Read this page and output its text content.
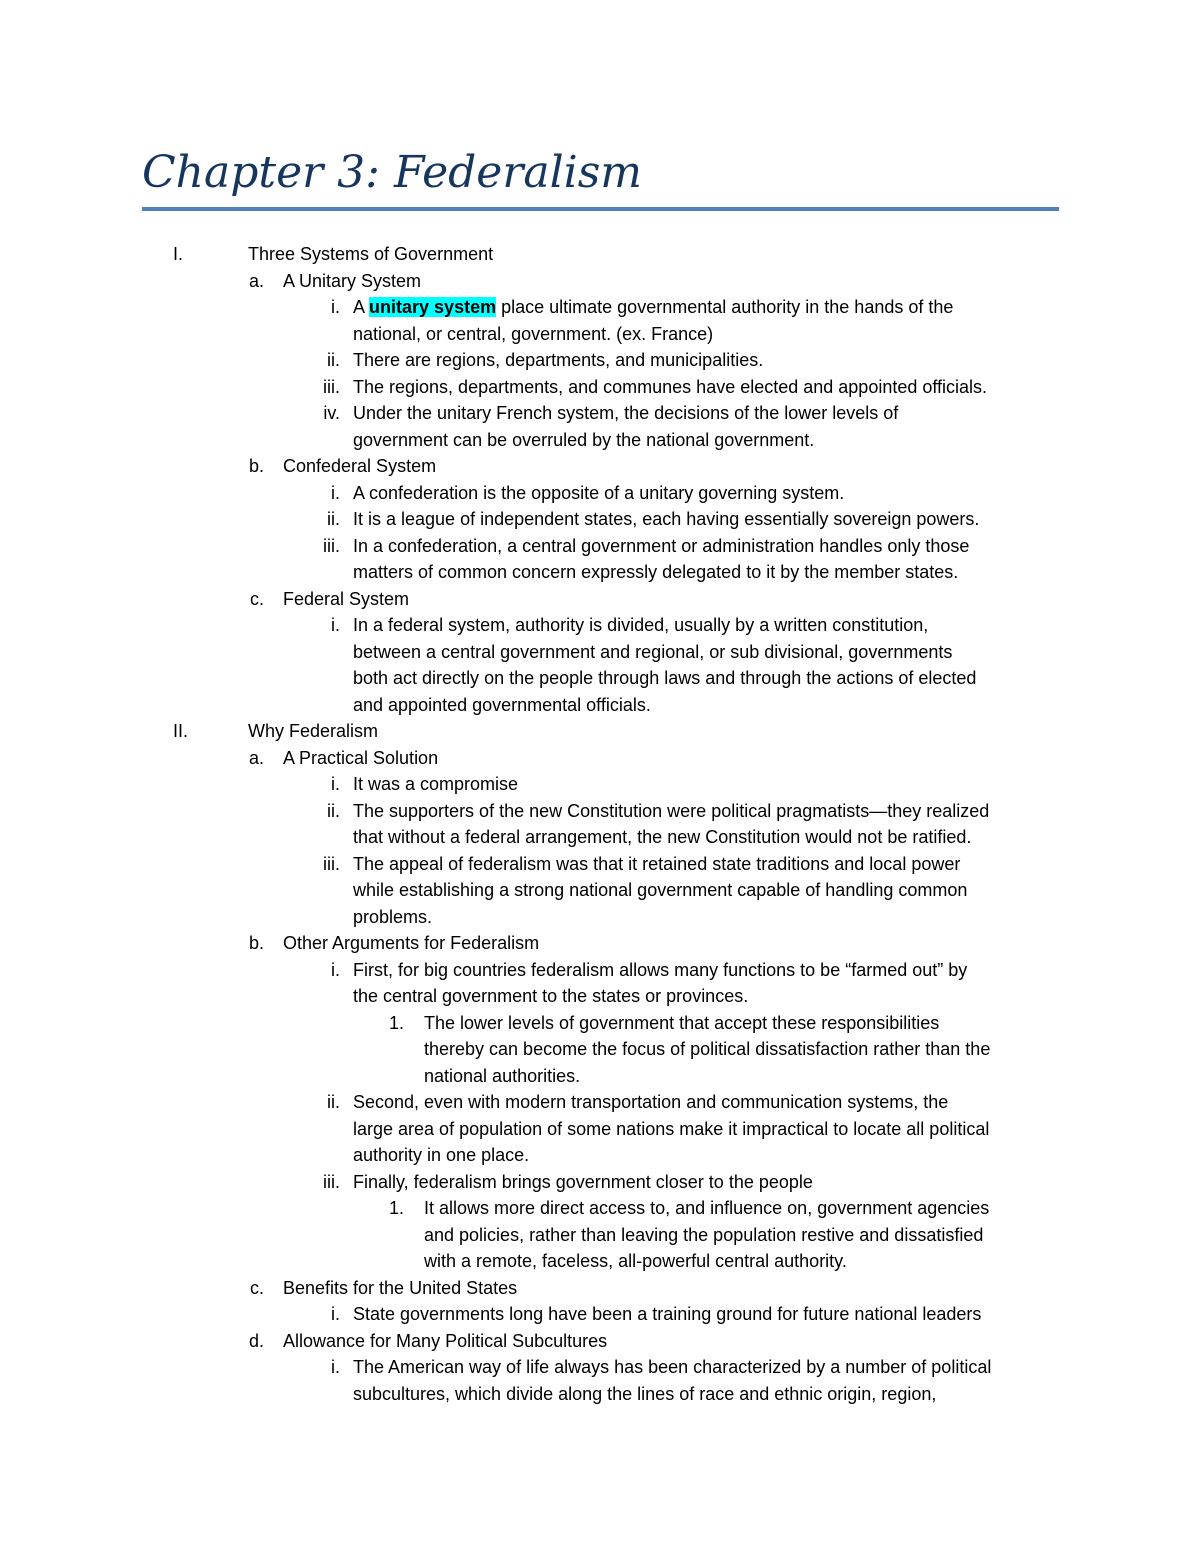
Chapter 3: Federalism
I.	Three Systems of Government
a. A Unitary System
i. A unitary system place ultimate governmental authority in the hands of the
national, or central, government. (ex. France)
ii. There are regions, departments, and municipalities.
iii. The regions, departments, and communes have elected and appointed officials.
iv. Under the unitary French system, the decisions of the lower levels of
government can be overruled by the national government.
b. Confederal System
i. A confederation is the opposite of a unitary governing system.
ii. It is a league of independent states, each having essentially sovereign powers.
iii. In a confederation, a central government or administration handles only those
matters of common concern expressly delegated to it by the member states.
c. Federal System
i. In a federal system, authority is divided, usually by a written constitution,
between a central government and regional, or sub divisional, governments
both act directly on the people through laws and through the actions of elected
and appointed governmental officials.
II.	Why Federalism
a. A Practical Solution
i. It was a compromise
ii. The supporters of the new Constitution were political pragmatists—they realized
that without a federal arrangement, the new Constitution would not be ratified.
iii. The appeal of federalism was that it retained state traditions and local power
while establishing a strong national government capable of handling common
problems.
b. Other Arguments for Federalism
i. First, for big countries federalism allows many functions to be “farmed out” by
the central government to the states or provinces.
1. The lower levels of government that accept these responsibilities
thereby can become the focus of political dissatisfaction rather than the
national authorities.
ii. Second, even with modern transportation and communication systems, the
large area of population of some nations make it impractical to locate all political
authority in one place.
iii. Finally, federalism brings government closer to the people
1. It allows more direct access to, and influence on, government agencies
and policies, rather than leaving the population restive and dissatisfied
with a remote, faceless, all-powerful central authority.
c. Benefits for the United States
i. State governments long have been a training ground for future national leaders
d. Allowance for Many Political Subcultures
i. The American way of life always has been characterized by a number of political
subcultures, which divide along the lines of race and ethnic origin, region,
